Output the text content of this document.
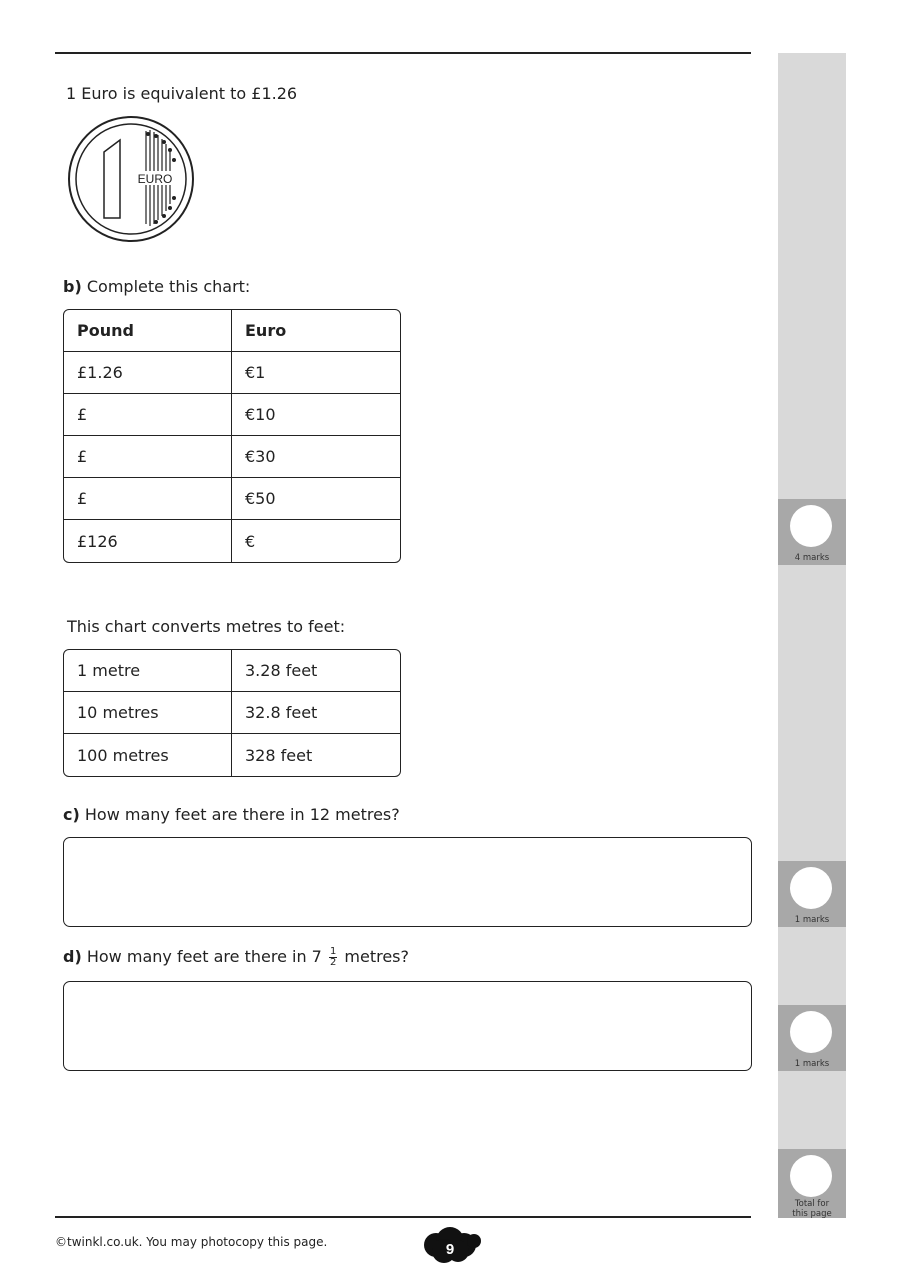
4 marks
1 marks
1 marks
Total for
this page
1 Euro is equivalent to £1.26
EURO
b) Complete this chart:
Pound	Euro
£1.26	€1
£	€10
£	€30
£	€50
£126	€
This chart converts metres to feet:
1 metre	3.28 feet
10 metres	32.8 feet
100 metres	328 feet
c) How many feet are there in 12 metres?
d) How many feet are there in $7 \frac{1}{2}$ metres?
©twinkl.co.uk. You may photocopy this page.	9
